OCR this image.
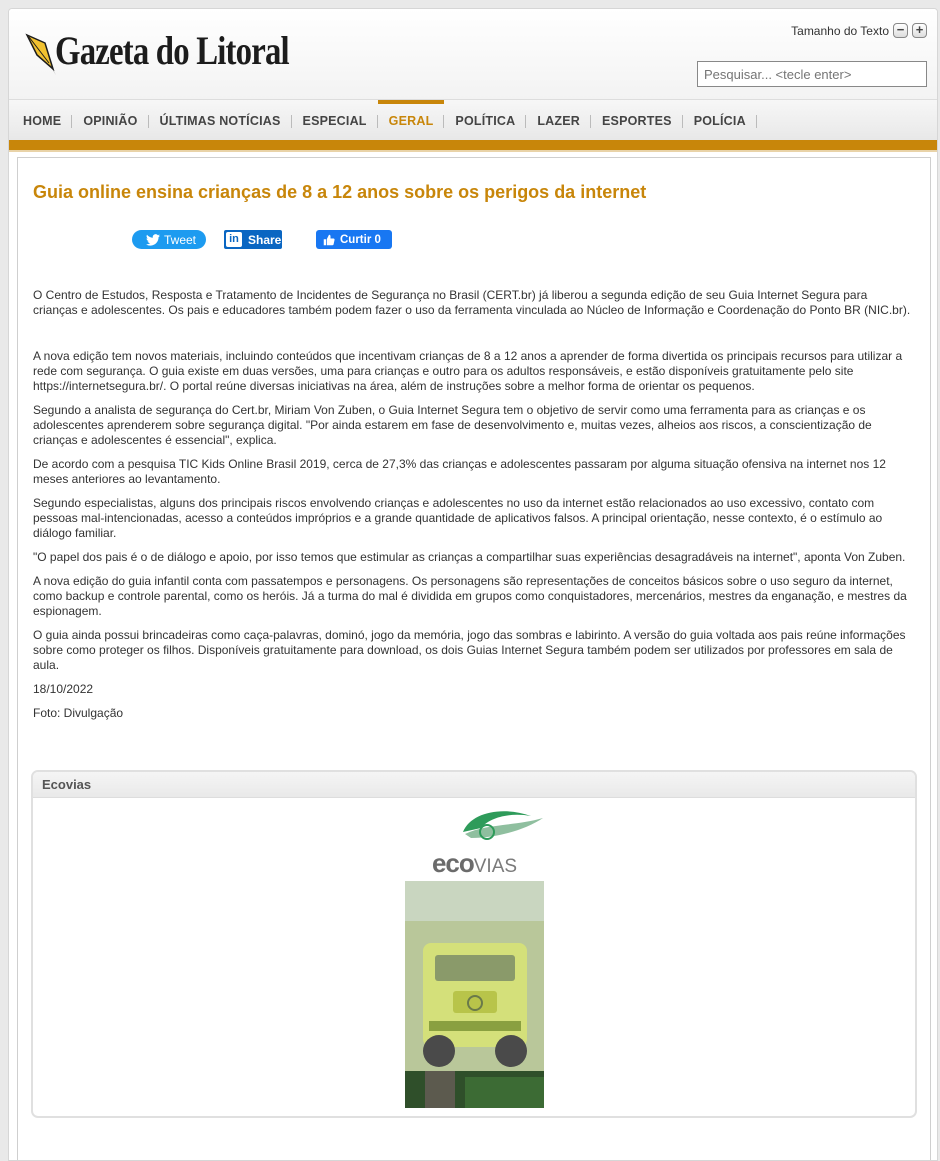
Gazeta do Litoral	Tamanho do Texto − +
Pesquisar... <tecle enter>
HOME	OPINIÃO	ÚLTIMAS NOTÍCIAS	ESPECIAL	GERAL	POLÍTICA	LAZER	ESPORTES	POLÍCIA
Guia online ensina crianças de 8 a 12 anos sobre os perigos da internet
Tweet	in Share	Curtir 0

O Centro de Estudos, Resposta e Tratamento de Incidentes de Segurança no Brasil (CERT.br) já liberou a segunda edição de seu Guia Internet Segura para crianças e adolescentes. Os pais e educadores também podem fazer o uso da ferramenta vinculada ao Núcleo de Informação e Coordenação do Ponto BR (NIC.br).

A nova edição tem novos materiais, incluindo conteúdos que incentivam crianças de 8 a 12 anos a aprender de forma divertida os principais recursos para utilizar a rede com segurança. O guia existe em duas versões, uma para crianças e outro para os adultos responsáveis, e estão disponíveis gratuitamente pelo site https://internetsegura.br/. O portal reúne diversas iniciativas na área, além de instruções sobre a melhor forma de orientar os pequenos.

Segundo a analista de segurança do Cert.br, Miriam Von Zuben, o Guia Internet Segura tem o objetivo de servir como uma ferramenta para as crianças e os adolescentes aprenderem sobre segurança digital. "Por ainda estarem em fase de desenvolvimento e, muitas vezes, alheios aos riscos, a conscientização de crianças e adolescentes é essencial", explica.

De acordo com a pesquisa TIC Kids Online Brasil 2019, cerca de 27,3% das crianças e adolescentes passaram por alguma situação ofensiva na internet nos 12 meses anteriores ao levantamento.

Segundo especialistas, alguns dos principais riscos envolvendo crianças e adolescentes no uso da internet estão relacionados ao uso excessivo, contato com pessoas mal-intencionadas, acesso a conteúdos impróprios e a grande quantidade de aplicativos falsos. A principal orientação, nesse contexto, é o estímulo ao diálogo familiar.

"O papel dos pais é o de diálogo e apoio, por isso temos que estimular as crianças a compartilhar suas experiências desagradáveis na internet", aponta Von Zuben.

A nova edição do guia infantil conta com passatempos e personagens. Os personagens são representações de conceitos básicos sobre o uso seguro da internet, como backup e controle parental, como os heróis. Já a turma do mal é dividida em grupos como conquistadores, mercenários, mestres da enganação, e mestres da espionagem.

O guia ainda possui brincadeiras como caça-palavras, dominó, jogo da memória, jogo das sombras e labirinto. A versão do guia voltada aos pais reúne informações sobre como proteger os filhos. Disponíveis gratuitamente para download, os dois Guias Internet Segura também podem ser utilizados por professores em sala de aula.

18/10/2022

Foto: Divulgação

Ecovias
ecoVIAS
